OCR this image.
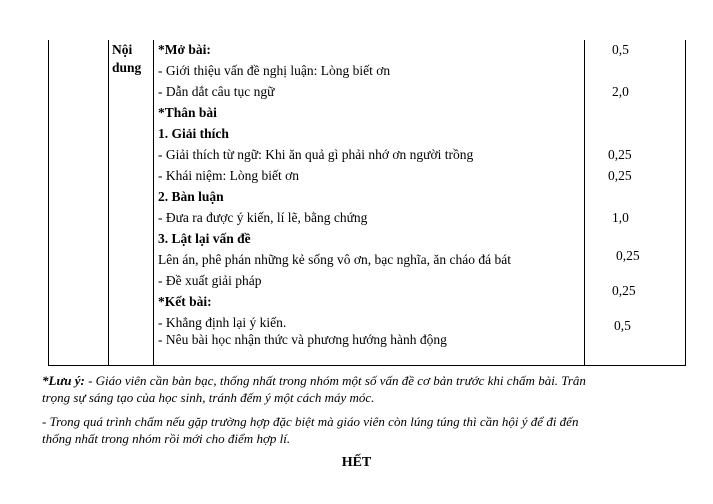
Nội
dung
*Mở bài:
- Giới thiệu vấn đề nghị luận: Lòng biết ơn
- Dẫn dắt câu tục ngữ
*Thân bài
1. Giải thích
- Giải thích từ ngữ: Khi ăn quả gì phải nhớ ơn người trồng
- Khái niệm: Lòng biết ơn
2. Bàn luận
- Đưa ra được ý kiến, lí lẽ, bằng chứng
3. Lật lại vấn đề
Lên án, phê phán những kẻ sống vô ơn, bạc nghĩa, ăn cháo đá bát
- Đề xuất giải pháp
*Kết bài:
- Khẳng định lại ý kiến.
- Nêu bài học nhận thức và phương hướng hành động
0,5
2,0
0,25
0,25
1,0
0,25
0,25
0,5
*Lưu ý: - Giáo viên cần bàn bạc, thống nhất trong nhóm một số vấn đề cơ bản trước khi chấm bài. Trân
trọng sự sáng tạo của học sinh, tránh đếm ý một cách máy móc.
- Trong quá trình chấm nếu gặp trường hợp đặc biệt mà giáo viên còn lúng túng thì cần hội ý để đi đến
thống nhất trong nhóm rồi mới cho điểm hợp lí.
HẾT
